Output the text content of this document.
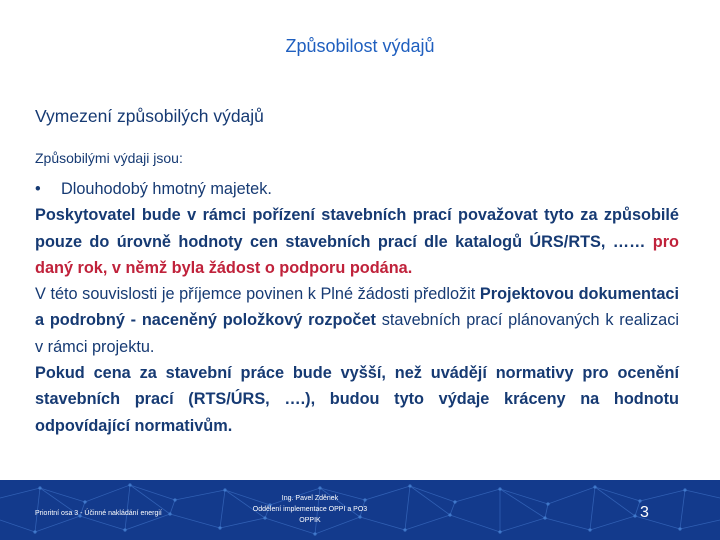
Způsobilost výdajů
Vymezení způsobilých výdajů
Způsobilými výdaji jsou:
• Dlouhodobý hmotný majetek.
Poskytovatel bude v rámci pořízení stavebních prací považovat tyto za způsobilé pouze do úrovně hodnoty cen stavebních prací dle katalogů ÚRS/RTS, …… pro daný rok, v němž byla žádost o podporu podána.
V této souvislosti je příjemce povinen k Plné žádosti předložit Projektovou dokumentaci a podrobný - naceněný položkový rozpočet stavebních prací plánovaných k realizaci v rámci projektu.
Pokud cena za stavební práce bude vyšší, než uvádějí normativy pro ocenění stavebních prací (RTS/ÚRS, ….), budou tyto výdaje kráceny na hodnotu odpovídající normativům.
Prioritní osa 3 - Účinné nakládání energií
Ing. Pavel Zděnek
Oddělení implementace OPPI a PO3
OPPIK	3
